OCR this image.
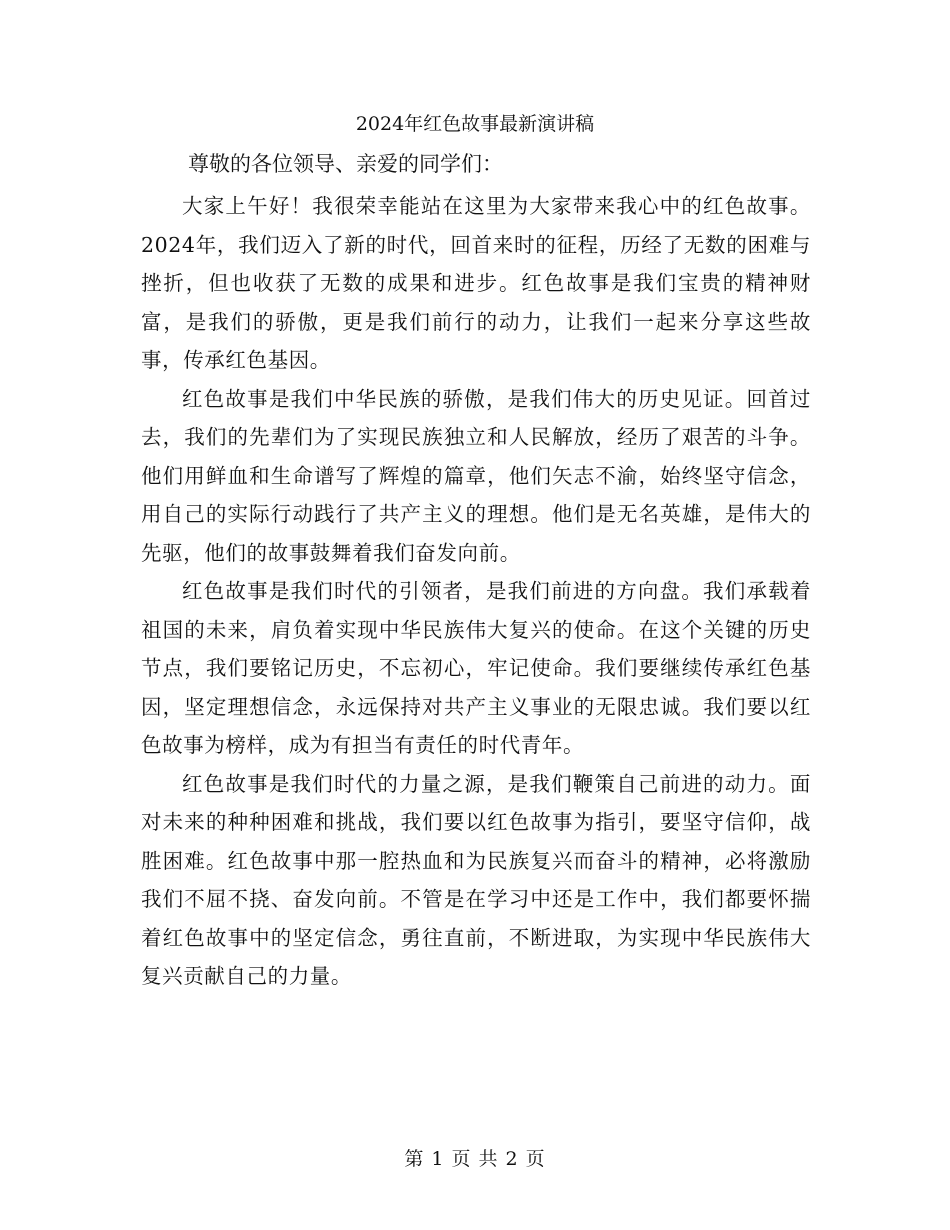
2024年红色故事最新演讲稿

尊敬的各位领导、亲爱的同学们：

大家上午好！我很荣幸能站在这里为大家带来我心中的红色故事。2024年，我们迈入了新的时代，回首来时的征程，历经了无数的困难与挫折，但也收获了无数的成果和进步。红色故事是我们宝贵的精神财富，是我们的骄傲，更是我们前行的动力，让我们一起来分享这些故事，传承红色基因。

红色故事是我们中华民族的骄傲，是我们伟大的历史见证。回首过去，我们的先辈们为了实现民族独立和人民解放，经历了艰苦的斗争。他们用鲜血和生命谱写了辉煌的篇章，他们矢志不渝，始终坚守信念，用自己的实际行动践行了共产主义的理想。他们是无名英雄，是伟大的先驱，他们的故事鼓舞着我们奋发向前。

红色故事是我们时代的引领者，是我们前进的方向盘。我们承载着祖国的未来，肩负着实现中华民族伟大复兴的使命。在这个关键的历史节点，我们要铭记历史，不忘初心，牢记使命。我们要继续传承红色基因，坚定理想信念，永远保持对共产主义事业的无限忠诚。我们要以红色故事为榜样，成为有担当有责任的时代青年。

红色故事是我们时代的力量之源，是我们鞭策自己前进的动力。面对未来的种种困难和挑战，我们要以红色故事为指引，要坚守信仰，战胜困难。红色故事中那一腔热血和为民族复兴而奋斗的精神，必将激励我们不屈不挠、奋发向前。不管是在学习中还是工作中，我们都要怀揣着红色故事中的坚定信念，勇往直前，不断进取，为实现中华民族伟大复兴贡献自己的力量。

第 1 页 共 2 页
